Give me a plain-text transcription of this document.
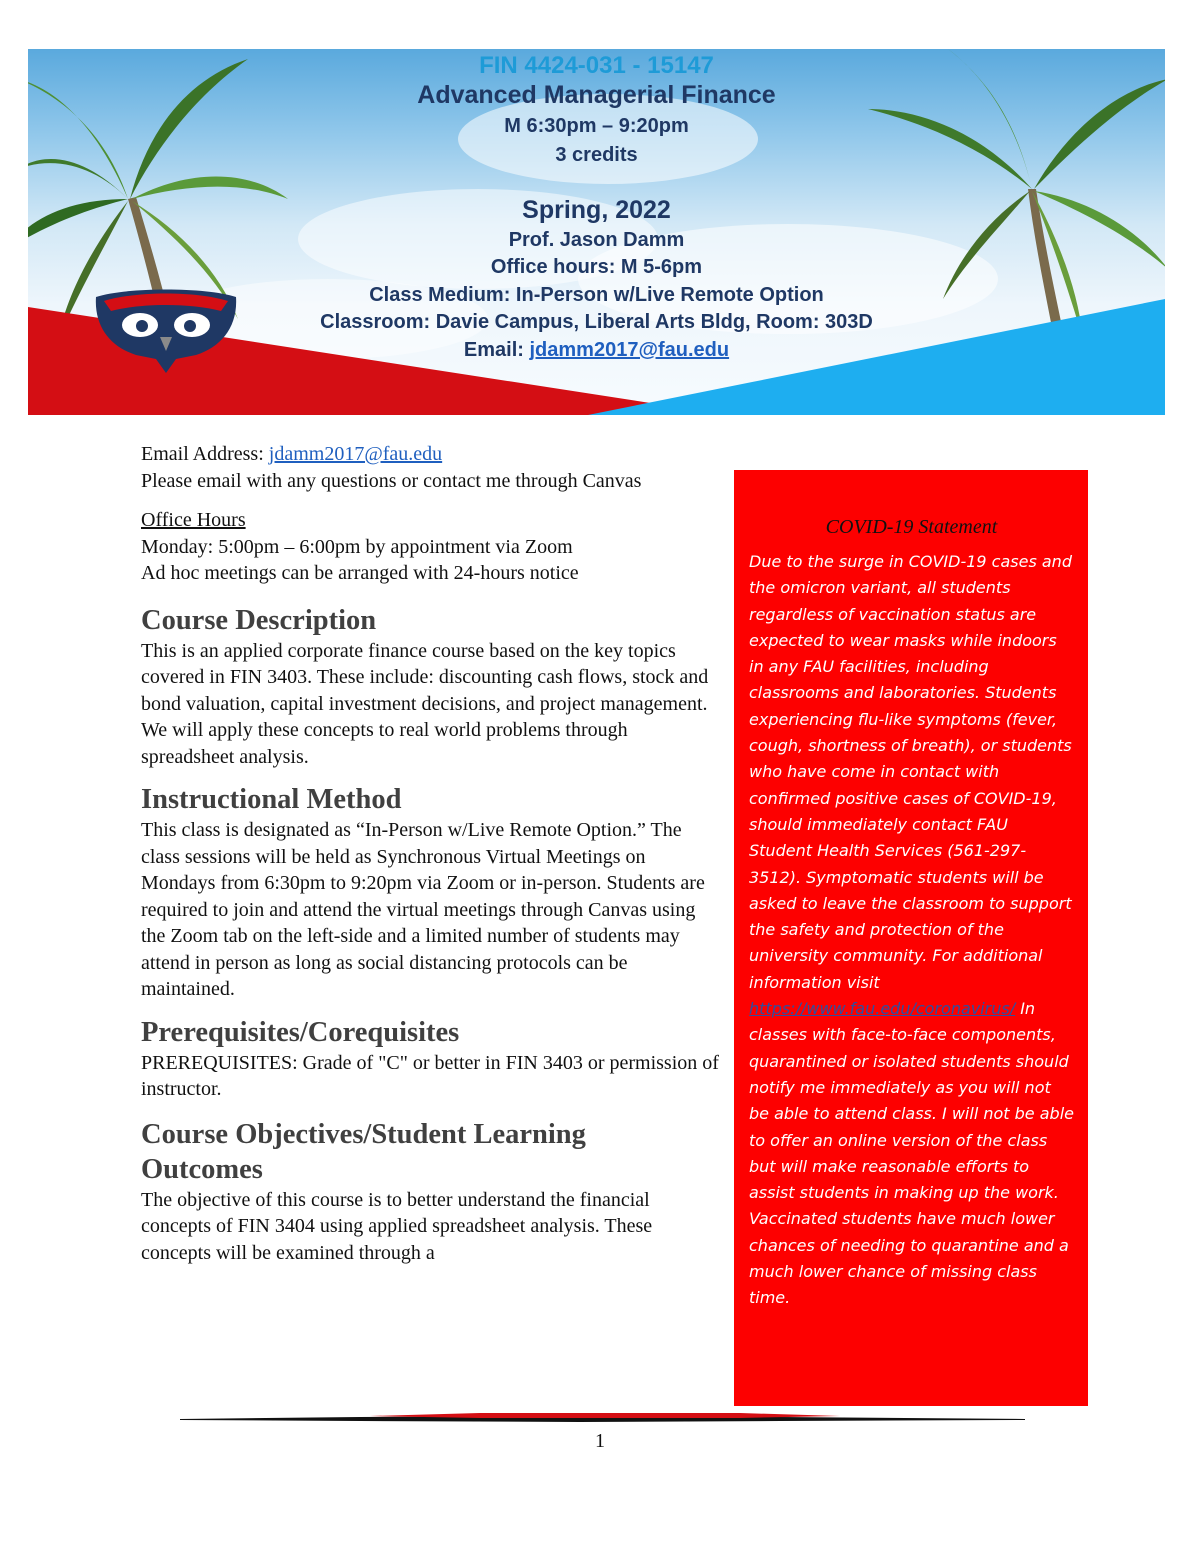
FIN 4424-031 - 15147
Advanced Managerial Finance
M 6:30pm – 9:20pm
3 credits
Spring, 2022
Prof. Jason Damm
Office hours: M 5-6pm
Class Medium: In-Person w/Live Remote Option
Classroom: Davie Campus, Liberal Arts Bldg, Room: 303D
Email: jdamm2017@fau.edu

Email Address: jdamm2017@fau.edu

Please email with any questions or contact me through Canvas

Office Hours

Monday: 5:00pm – 6:00pm by appointment via Zoom

Ad hoc meetings can be arranged with 24-hours notice

Course Description

This is an applied corporate finance course based on the key topics covered in FIN 3403. These include: discounting cash flows, stock and bond valuation, capital investment decisions, and project management. We will apply these concepts to real world problems through spreadsheet analysis.

Instructional Method

This class is designated as “In-Person w/Live Remote Option.” The class sessions will be held as Synchronous Virtual Meetings on Mondays from 6:30pm to 9:20pm via Zoom or in-person. Students are required to join and attend the virtual meetings through Canvas using the Zoom tab on the left-side and a limited number of students may attend in person as long as social distancing protocols can be maintained.

Prerequisites/Corequisites

PREREQUISITES: Grade of "C" or better in FIN 3403 or permission of instructor.

Course Objectives/Student Learning Outcomes

The objective of this course is to better understand the financial concepts of FIN 3404 using applied spreadsheet analysis. These concepts will be examined through a

COVID-19 Statement

Due to the surge in COVID-19 cases and the omicron variant, all students regardless of vaccination status are expected to wear masks while indoors in any FAU facilities, including classrooms and laboratories. Students experiencing flu-like symptoms (fever, cough, shortness of breath), or students who have come in contact with confirmed positive cases of COVID-19, should immediately contact FAU Student Health Services (561-297-3512). Symptomatic students will be asked to leave the classroom to support the safety and protection of the university community. For additional information visit https://www.fau.edu/coronavirus/ In classes with face-to-face components, quarantined or isolated students should notify me immediately as you will not be able to attend class. I will not be able to offer an online version of the class but will make reasonable efforts to assist students in making up the work. Vaccinated students have much lower chances of needing to quarantine and a much lower chance of missing class time.

1
